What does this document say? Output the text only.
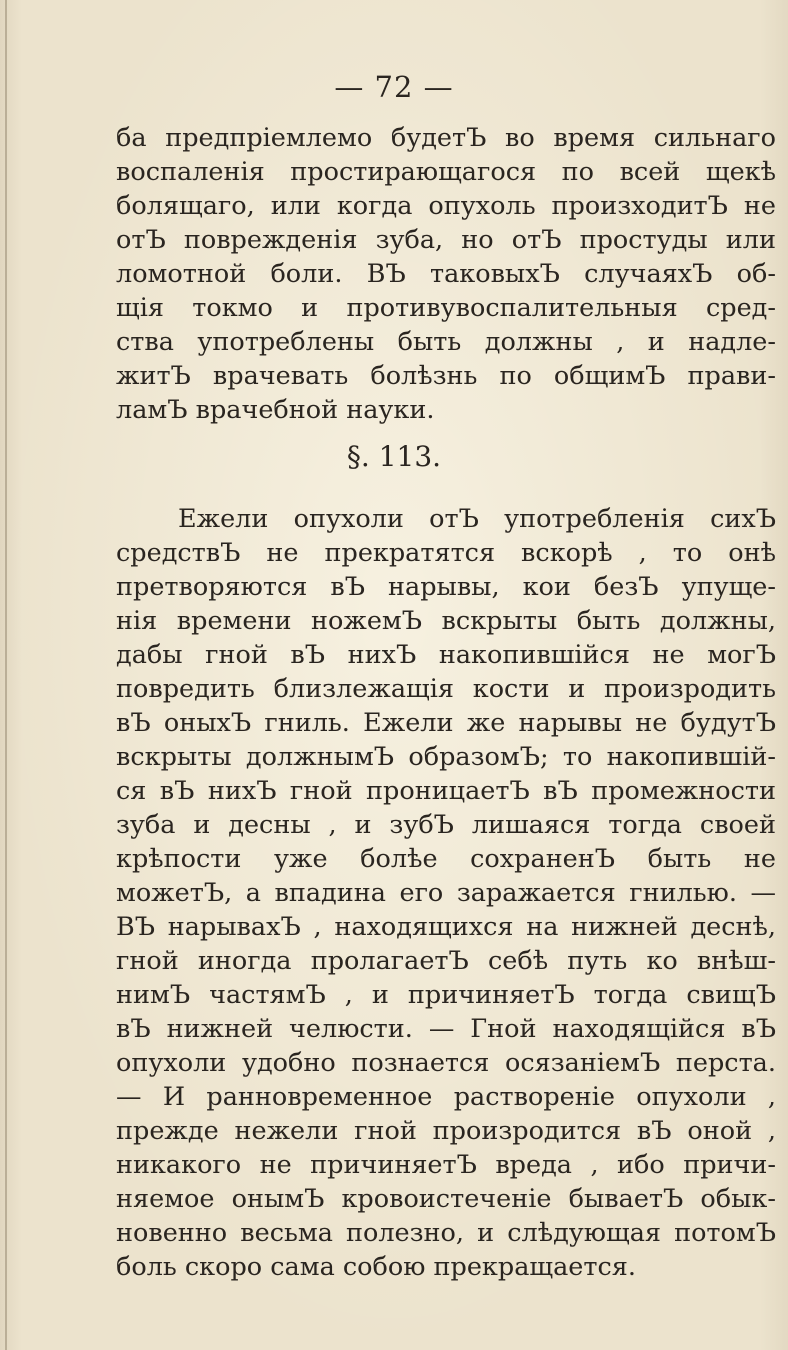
— 72 —
ба предпріемлемо будетЪ во время сильнаго
воспаленія простирающагося по всей щекѣ
болящаго, или когда опухоль произходитЪ не
отЪ поврежденія зуба, но отЪ простуды или
ломотной боли. ВЪ таковыхЪ случаяхЪ об-
щія токмо и противувоспалительныя сред-
ства употреблены быть должны , и надле-
житЪ врачевать болѣзнь по общимЪ прави-
ламЪ врачебной науки.
§. 113.
Ежели опухоли отЪ употребленія сихЪ
средствЪ не прекратятся вскорѣ , то онѣ
претворяются вЪ нарывы, кои безЪ упуще-
нія времени ножемЪ вскрыты быть должны,
дабы гной вЪ нихЪ накопившійся не могЪ
повредить близлежащія кости и произродить
вЪ оныхЪ гниль. Ежели же нарывы не будутЪ
вскрыты должнымЪ образомЪ; то накопившій-
ся вЪ нихЪ гной проницаетЪ вЪ промежности
зуба и десны , и зубЪ лишаяся тогда своей
крѣпости уже болѣе сохраненЪ быть не
можетЪ, а впадина его заражается гнилью. —
ВЪ нарывахЪ , находящихся на нижней деснѣ,
гной иногда пролагаетЪ себѣ путь ко внѣш-
нимЪ частямЪ , и причиняетЪ тогда свищЪ
вЪ нижней челюсти. — Гной находящійся вЪ
опухоли удобно познается осязаніемЪ перста.
— И ранновременное раствореніе опухоли ,
прежде нежели гной произродится вЪ оной ,
никакого не причиняетЪ вреда , ибо причи-
няемое онымЪ кровоистеченіе бываетЪ обык-
новенно весьма полезно, и слѣдующая потомЪ
боль скоро сама собою прекращается.
